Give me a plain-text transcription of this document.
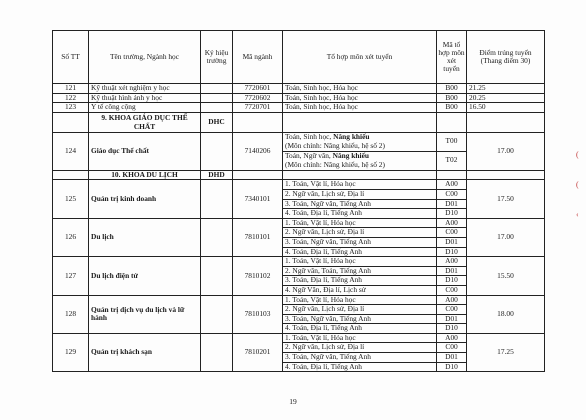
Số TT	Tên trường, Ngành học	Ký hiệu trường	Mã ngành	Tổ hợp môn xét tuyển	Mã tổ hợp môn xét tuyển	Điểm trúng tuyển (Thang điểm 30)
121	Kỹ thuật xét nghiệm y học		7720601	Toán, Sinh học, Hóa học	B00	21.25
122	Kỹ thuật hình ảnh y học		7720602	Toán, Sinh học, Hóa học	B00	20.25
123	Y tế công cộng		7720701	Toán, Sinh học, Hóa học	B00	16.50
	9. KHOA GIÁO DỤC THỂ CHẤT	DHC				
124	Giáo dục Thể chất		7140206	Toán, Sinh học, Năng khiếu
(Môn chính: Năng khiếu, hệ số 2)	T00	17.00
				Toán, Ngữ văn, Năng khiếu
(Môn chính: Năng khiếu, hệ số 2)	T02	
	10. KHOA DU LỊCH	DHD				
125	Quản trị kinh doanh		7340101	1. Toán, Vật lí, Hóa học	A00	17.50
				2. Ngữ văn, Lịch sử, Địa lí	C00	
				3. Toán, Ngữ văn, Tiếng Anh	D01	
				4. Toán, Địa lí, Tiếng Anh	D10	
126	Du lịch		7810101	1. Toán, Vật lí, Hóa học	A00	17.00
				2. Ngữ văn, Lịch sử, Địa lí	C00	
				3. Toán, Ngữ văn, Tiếng Anh	D01	
				4. Toán, Địa lí, Tiếng Anh	D10	
127	Du lịch điện tử		7810102	1. Toán, Vật lí, Hóa học	A00	15.50
				2. Ngữ văn, Toán, Tiếng Anh	D01	
				3. Toán, Địa lí, Tiếng Anh	D10	
				4. Ngữ Văn, Địa lí, Lịch sử	C00	
128	Quản trị dịch vụ du lịch và lữ hành		7810103	1. Toán, Vật lí, Hóa học	A00	18.00
				2. Ngữ văn, Lịch sử, Địa lí	C00	
				3. Toán, Ngữ văn, Tiếng Anh	D01	
				4. Toán, Địa lí, Tiếng Anh	D10	
129	Quản trị khách sạn		7810201	1. Toán, Vật lí, Hóa học	A00	17.25
				2. Ngữ văn, Lịch sử, Địa lí	C00	
				3. Toán, Ngữ văn, Tiếng Anh	D01	
				4. Toán, Địa lí, Tiếng Anh	D10	
19
(
(
‹
